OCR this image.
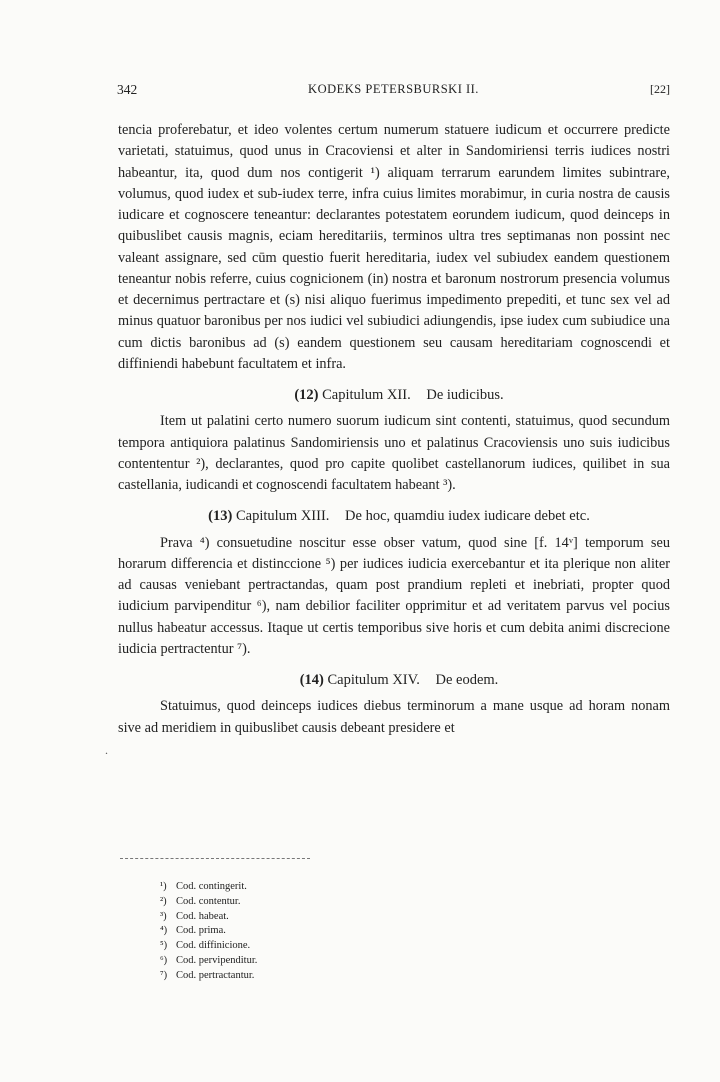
342	KODEKS PETERSBURSKI II.	[22]

tencia proferebatur, et ideo volentes certum numerum statuere iudicum et occurrere predicte varietati, statuimus, quod unus in Cracoviensi et alter in Sandomiriensi terris iudices nostri habeantur, ita, quod dum nos contigerit ¹) aliquam terrarum earundem limites subintrare, volumus, quod iudex et sub-iudex terre, infra cuius limites morabimur, in curia nostra de causis iudicare et cognoscere teneantur: declarantes potestatem eorundem iudicum, quod deinceps in quibuslibet causis magnis, eciam hereditariis, terminos ultra tres septimanas non possint nec valeant assignare, sed cūm questio fuerit hereditaria, iudex vel subiudex eandem questionem teneantur nobis referre, cuius cognicionem (in) nostra et baronum nostrorum presencia volumus et decernimus pertractare et (s) nisi aliquo fuerimus impedimento prepediti, et tunc sex vel ad minus quatuor baronibus per nos iudici vel subiudici adiungendis, ipse iudex cum subiudice una cum dictis baronibus ad (s) eandem questionem seu causam hereditariam cognoscendi et diffiniendi habebunt facultatem et infra.

(12) Capitulum XII. De iudicibus.

Item ut palatini certo numero suorum iudicum sint contenti, statuimus, quod secundum tempora antiquiora palatinus Sandomiriensis uno et palatinus Cracoviensis uno suis iudicibus contententur ²), declarantes, quod pro capite quolibet castellanorum iudices, quilibet in sua castellania, iudicandi et cognoscendi facultatem habeant ³).

(13) Capitulum XIII. De hoc, quamdiu iudex iudicare debet etc.

Prava ⁴) consuetudine noscitur esse obser vatum, quod sine [f. 14ᵛ] temporum seu horarum differencia et distinccione ⁵) per iudices iudicia exercebantur et ita plerique non aliter ad causas veniebant pertractandas, quam post prandium repleti et inebriati, propter quod iudicium parvipenditur ⁶), nam debilior faciliter opprimitur et ad veritatem parvus vel pocius nullus habeatur accessus. Itaque ut certis temporibus sive horis et cum debita animi discrecione iudicia pertractentur ⁷).

(14) Capitulum XIV. De eodem.

Statuimus, quod deinceps iudices diebus terminorum a mane usque ad horam nonam sive ad meridiem in quibuslibet causis debeant presidere et

.
¹) Cod. contingerit.
²) Cod. contentur.
³) Cod. habeat.
⁴) Cod. prima.
⁵) Cod. diffinicione.
⁶) Cod. pervipenditur.
⁷) Cod. pertractantur.
